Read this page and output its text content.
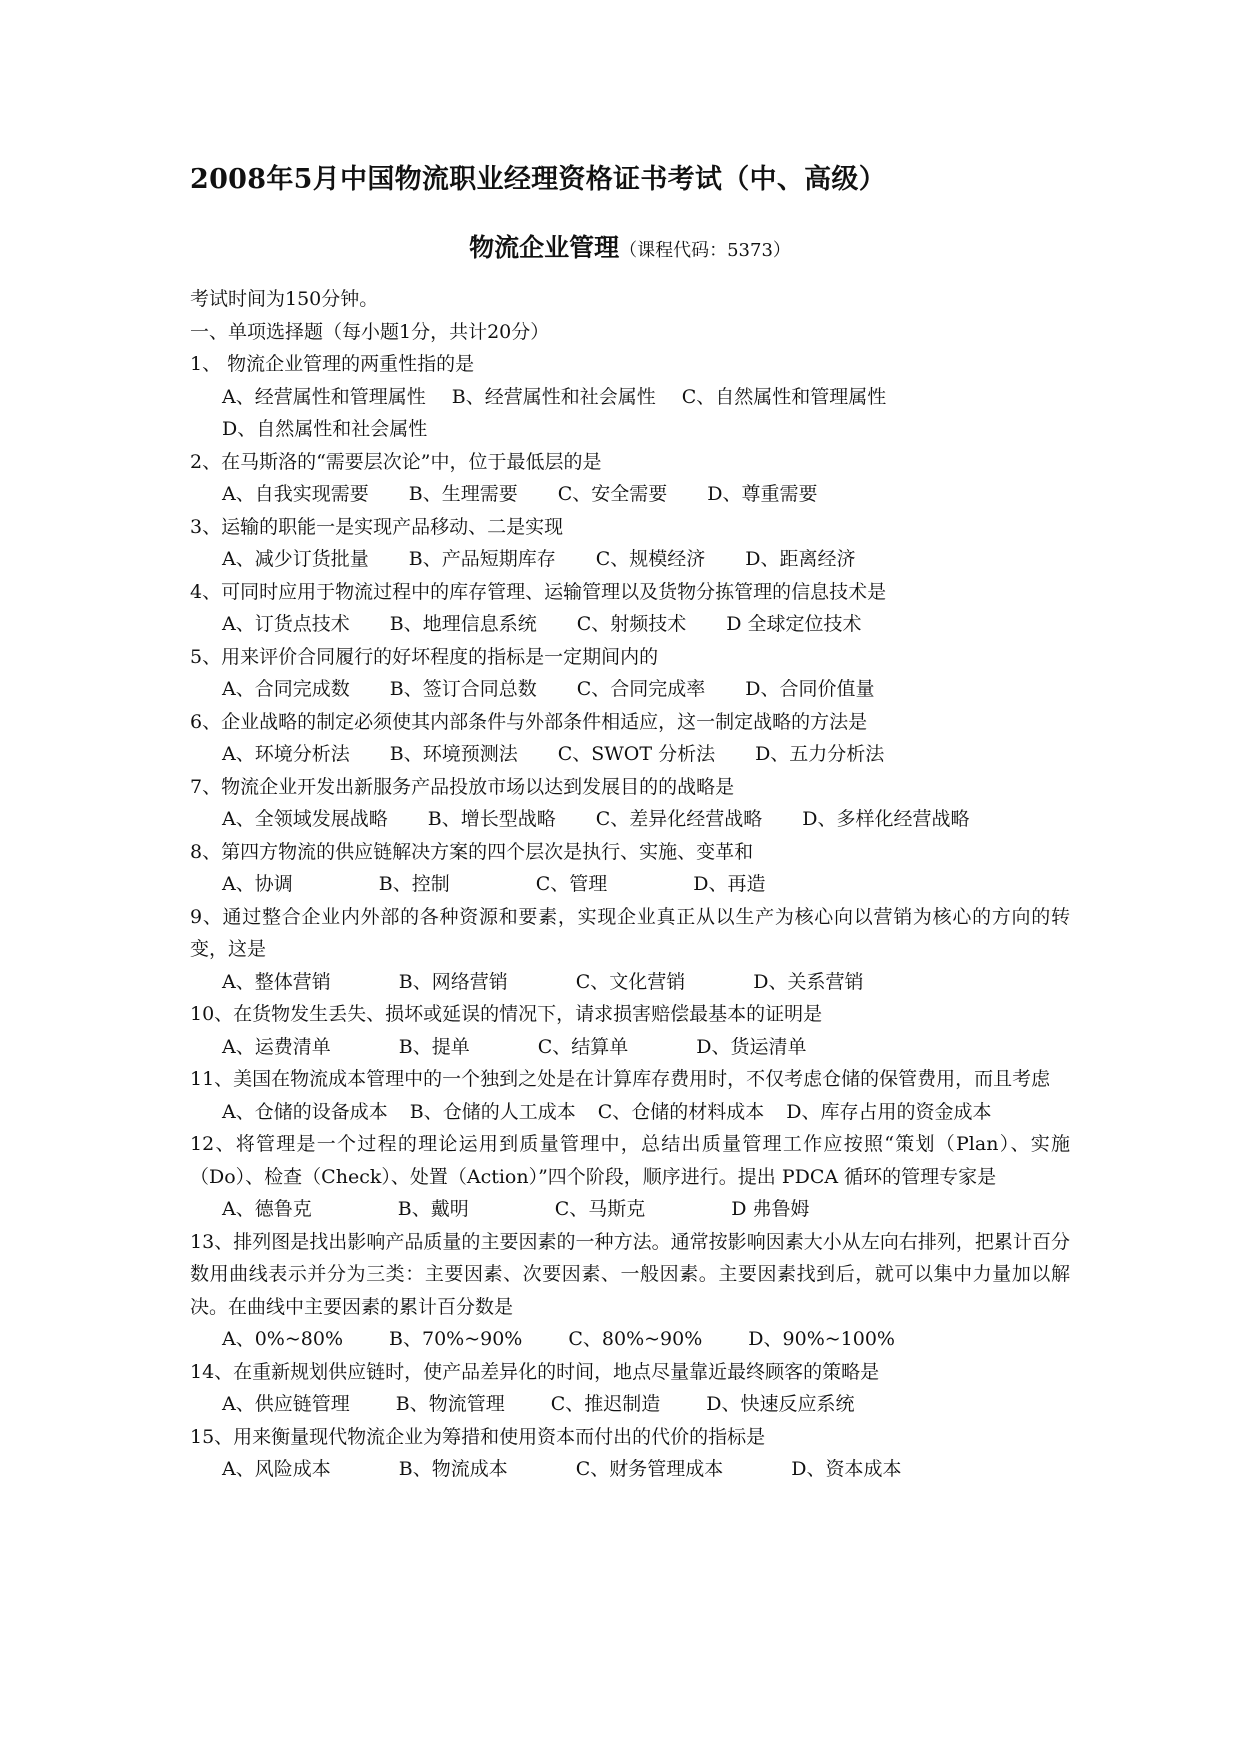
2008年5月中国物流职业经理资格证书考试（中、高级）
物流企业管理（课程代码：5373）
考试时间为150分钟。
一、单项选择题（每小题1分，共计20分）
1、 物流企业管理的两重性指的是
A、经营属性和管理属性 B、经营属性和社会属性 C、自然属性和管理属性
D、自然属性和社会属性
2、在马斯洛的“需要层次论”中，位于最低层的是
A、自我实现需要 B、生理需要 C、安全需要 D、尊重需要
3、运输的职能一是实现产品移动、二是实现
A、减少订货批量 B、产品短期库存 C、规模经济 D、距离经济
4、可同时应用于物流过程中的库存管理、运输管理以及货物分拣管理的信息技术是
A、订货点技术 B、地理信息系统 C、射频技术 D 全球定位技术
5、用来评价合同履行的好坏程度的指标是一定期间内的
A、合同完成数 B、签订合同总数 C、合同完成率 D、合同价值量
6、企业战略的制定必须使其内部条件与外部条件相适应，这一制定战略的方法是
A、环境分析法 B、环境预测法 C、SWOT 分析法 D、五力分析法
7、物流企业开发出新服务产品投放市场以达到发展目的的战略是
A、全领域发展战略 B、增长型战略 C、差异化经营战略 D、多样化经营战略
8、第四方物流的供应链解决方案的四个层次是执行、实施、变革和
A、协调	B、控制	C、管理	D、再造
9、通过整合企业内外部的各种资源和要素，实现企业真正从以生产为核心向以营销为核心的方向的转变，这是
A、整体营销	B、网络营销	C、文化营销	D、关系营销
10、在货物发生丢失、损坏或延误的情况下，请求损害赔偿最基本的证明是
A、运费清单	B、提单	C、结算单	D、货运清单
11、美国在物流成本管理中的一个独到之处是在计算库存费用时，不仅考虑仓储的保管费用，而且考虑
A、仓储的设备成本 B、仓储的人工成本 C、仓储的材料成本 D、库存占用的资金成本
12、将管理是一个过程的理论运用到质量管理中，总结出质量管理工作应按照“策划（Plan）、实施（Do）、检查（Check）、处置（Action）”四个阶段，顺序进行。提出 PDCA 循环的管理专家是
A、德鲁克	B、戴明	C、马斯克	D 弗鲁姆
13、排列图是找出影响产品质量的主要因素的一种方法。通常按影响因素大小从左向右排列，把累计百分数用曲线表示并分为三类：主要因素、次要因素、一般因素。主要因素找到后，就可以集中力量加以解决。在曲线中主要因素的累计百分数是
A、0%~80% B、70%~90% C、80%~90% D、90%~100%
14、在重新规划供应链时，使产品差异化的时间，地点尽量靠近最终顾客的策略是
A、供应链管理 B、物流管理 C、推迟制造 D、快速反应系统
15、用来衡量现代物流企业为筹措和使用资本而付出的代价的指标是
A、风险成本	B、物流成本	C、财务管理成本	D、资本成本
